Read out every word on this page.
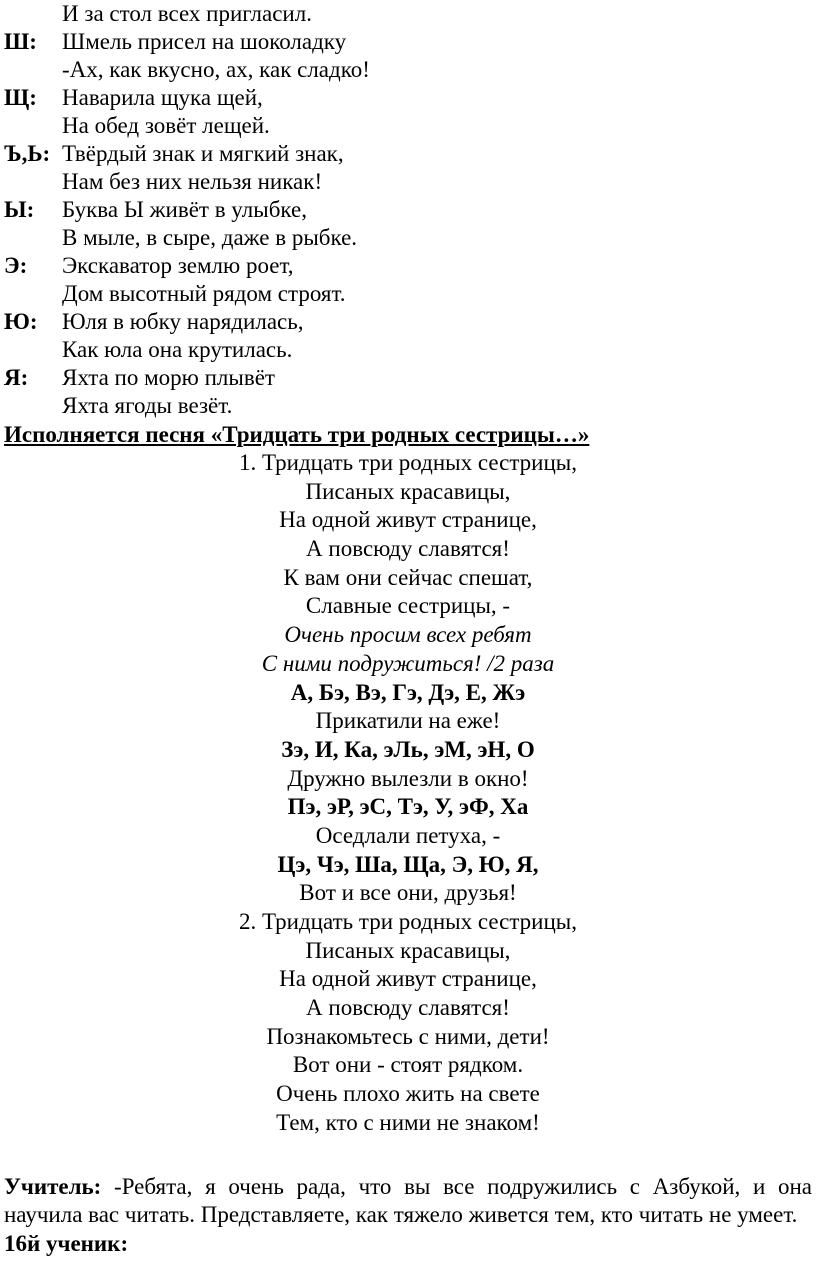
И за стол всех пригласил.
Ш: Шмель присел на шоколадку
-Ах, как вкусно, ах, как сладко!
Щ: Наварила щука щей,
На обед зовёт лещей.
Ъ,Ь: Твёрдый знак и мягкий знак,
Нам без них нельзя никак!
Ы: Буква Ы живёт в улыбке,
В мыле, в сыре, даже в рыбке.
Э: Экскаватор землю роет,
Дом высотный рядом строят.
Ю: Юля в юбку нарядилась,
Как юла она крутилась.
Я: Яхта по морю плывёт
Яхта ягоды везёт.
Исполняется песня «Тридцать три родных сестрицы…»
1. Тридцать три родных сестрицы,
Писаных красавицы,
На одной живут странице,
А повсюду славятся!
К вам они сейчас спешат,
Славные сестрицы, -
Очень просим всех ребят
С ними подружиться! /2 раза
А, Бэ, Вэ, Гэ, Дэ, Е, Жэ
Прикатили на еже!
Зэ, И, Ка, эЛь, эМ, эН, О
Дружно вылезли в окно!
Пэ, эР, эС, Тэ, У, эФ, Ха
Оседлали петуха, -
Цэ, Чэ, Ша, Ща, Э, Ю, Я,
Вот и все они, друзья!
2. Тридцать три родных сестрицы,
Писаных красавицы,
На одной живут странице,
А повсюду славятся!
Познакомьтесь с ними, дети!
Вот они - стоят рядком.
Очень плохо жить на свете
Тем, кто с ними не знаком!
Учитель: -Ребята, я очень рада, что вы все подружились с Азбукой, и она научила вас читать. Представляете, как тяжело живется тем, кто читать не умеет.
16й ученик:
